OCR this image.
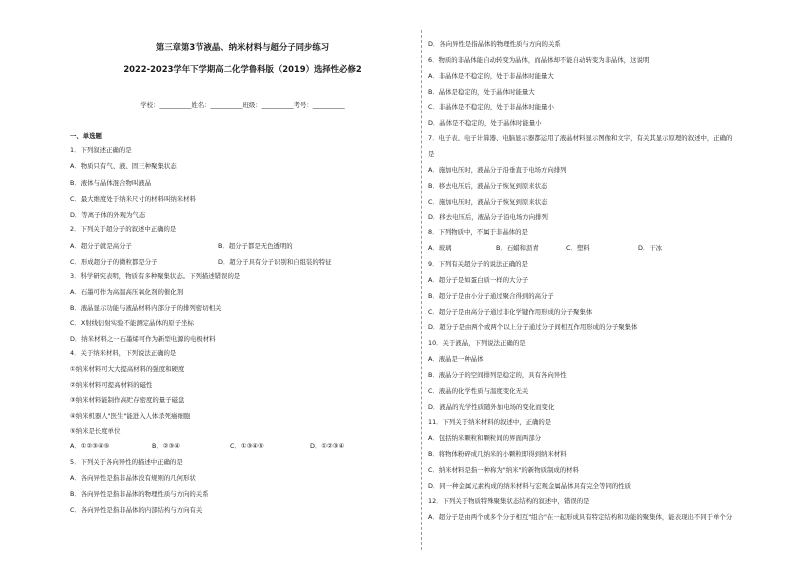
第三章第3节液晶、纳米材料与超分子同步练习
2022-2023学年下学期高二化学鲁科版（2019）选择性必修2
学校：__________姓名：__________班级：__________考号：__________
一、单选题
1．下列叙述正确的是
A．物质只有气、液、固三种聚集状态
B．液体与晶体混合物叫液晶
C．最大维度处于纳米尺寸的材料叫纳米材料
D．等离子体的外观为气态
2．下列关于超分子的叙述中正确的是
A．超分子就是高分子	B．超分子都是无色透明的
C．形成超分子的微粒都是分子	D．超分子具有分子识别和自组装的特征
3．科学研究表明，物质有多种聚集状态。下列描述错误的是
A．石墨可作为高温高压氧化剂的催化剂
B．液晶显示功能与液晶材料内部分子的排列密切相关
C．X射线衍射实验不能测定晶体的原子坐标
D．纳米材料之一石墨烯可作为新型电源的电极材料
4．关于纳米材料，下列说法正确的是
①纳米材料可大大提高材料的强度和硬度
②纳米材料可提高材料的磁性
③纳米材料能制作高贮存密度的量子磁盘
④纳米机器人"医生"能进入人体杀死癌细胞
⑤纳米是长度单位
A．①②③④⑤	B．②③④	C．①③④⑤	D．①②③④
5．下列关于各向异性的描述中正确的是
A．各向异性是指非晶体没有规则的几何形状
B．各向异性是指非晶体的物理性质与方向的关系
C．各向异性是指非晶体的内部结构与方向有关
D．各向异性是指晶体的物理性质与方向的关系
6．物质的非晶体能自动转变为晶体，而晶体却不能自动转变为非晶体，这说明
A．非晶体是不稳定的，处于非晶体时能量大
B．晶体是稳定的，处于晶体时能量大
C．非晶体是不稳定的，处于非晶体时能量小
D．晶体是不稳定的，处于晶体时能量小
7．电子表、电子计算器、电脑显示器都运用了液晶材料显示图像和文字，有关其显示原理的叙述中，正确的
是
A．施加电压时，液晶分子沿垂直于电场方向排列
B．移去电压后，液晶分子恢复到原来状态
C．施加电压时，液晶分子恢复到原来状态
D．移去电压后，液晶分子沿电场方向排列
8．下列物质中，不属于非晶体的是
A．玻璃	B．石蜡和沥青	C．塑料	D．干冰
9．下列有关超分子的说法正确的是
A．超分子是如蛋白质一样的大分子
B．超分子是由小分子通过聚合得到的高分子
C．超分子是由高分子通过非化学键作用形成的分子聚集体
D．超分子是由两个或两个以上分子通过分子间相互作用形成的分子聚集体
10．关于液晶，下列说法正确的是
A．液晶是一种晶体
B．液晶分子的空间排列是稳定的，具有各向异性
C．液晶的化学性质与温度变化无关
D．液晶的光学性质随外加电场的变化而变化
11．下列关于纳米材料的叙述中，正确的是
A．包括纳米颗粒和颗粒间的界面两部分
B．将物体粉碎成几纳米的小颗粒即得到纳米材料
C．纳米材料是指一种称为"纳米"的新物质制成的材料
D．同一种金属元素构成的纳米材料与宏观金属晶体具有完全等同的性质
12．下列关于物质特殊聚集状态结构的叙述中，错误的是
A．超分子是由两个或多个分子相互"组合"在一起形成具有特定结构和功能的聚集体，能表现出不同于单个分
